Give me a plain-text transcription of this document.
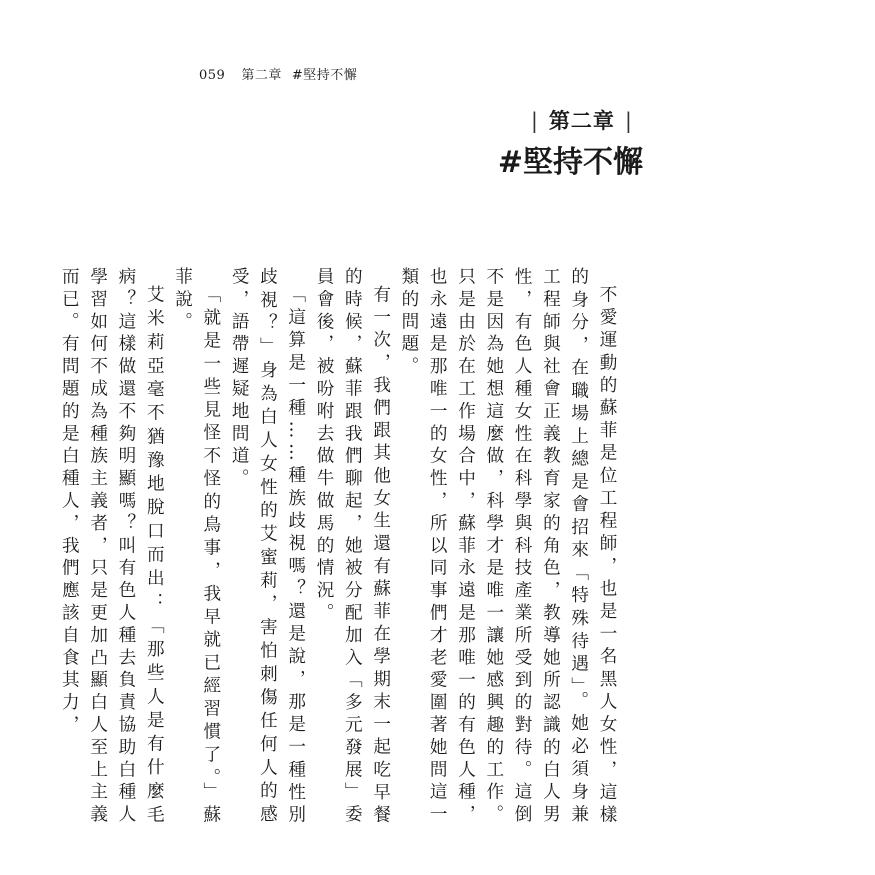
059 第二章 #堅持不懈
| 第二章 |
#堅持不懈

不愛運動的蘇菲是位工程師，也是一名黑人女性，這樣的身分，在職場上總是會招來「特殊待遇」。她必須身兼工程師與社會正義教育家的角色，教導她所認識的白人男性，有色人種女性在科學與科技產業所受到的對待。這倒不是因為她想這麼做，科學才是唯一讓她感興趣的工作。只是由於在工作場合中，蘇菲永遠是那唯一的有色人種，也永遠是那唯一的女性，所以同事們才老愛圍著她問這一類的問題。

有一次，我們跟其他女生還有蘇菲在學期末一起吃早餐的時候，蘇菲跟我們聊起，她被分配加入「多元發展」委員會後，被吩咐去做牛做馬的情況。

「這算是一種……種族歧視嗎？還是說，那是一種性別歧視？」身為白人女性的艾蜜莉，害怕刺傷任何人的感受，語帶遲疑地問道。

「就是一些見怪不怪的鳥事，我早就已經習慣了。」蘇菲說。

艾米莉亞毫不猶豫地脫口而出：「那些人是有什麼毛病？這樣做還不夠明顯嗎？叫有色人種去負責協助白種人學習如何不成為種族主義者，只是更加凸顯白人至上主義而已。有問題的是白種人，我們應該自食其力，
